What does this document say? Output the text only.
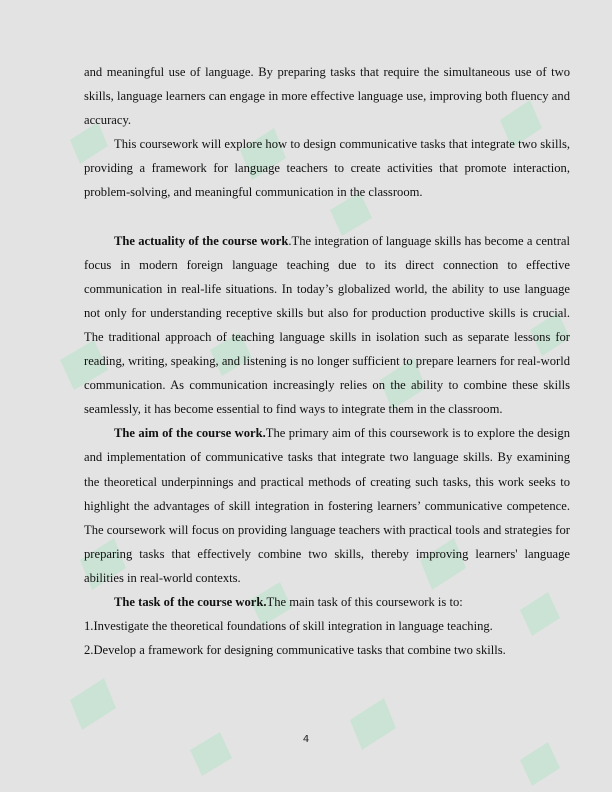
and meaningful use of language. By preparing tasks that require the simultaneous use of two skills, language learners can engage in more effective language use, improving both fluency and accuracy.

This coursework will explore how to design communicative tasks that integrate two skills, providing a framework for language teachers to create activities that promote interaction, problem-solving, and meaningful communication in the classroom.

The actuality of the course work.The integration of language skills has become a central focus in modern foreign language teaching due to its direct connection to effective communication in real-life situations. In today’s globalized world, the ability to use language not only for understanding receptive skills but also for production productive skills is crucial. The traditional approach of teaching language skills in isolation such as separate lessons for reading, writing, speaking, and listening is no longer sufficient to prepare learners for real-world communication. As communication increasingly relies on the ability to combine these skills seamlessly, it has become essential to find ways to integrate them in the classroom.

The aim of the course work.The primary aim of this coursework is to explore the design and implementation of communicative tasks that integrate two language skills. By examining the theoretical underpinnings and practical methods of creating such tasks, this work seeks to highlight the advantages of skill integration in fostering learners’ communicative competence. The coursework will focus on providing language teachers with practical tools and strategies for preparing tasks that effectively combine two skills, thereby improving learners' language abilities in real-world contexts.

The task of the course work.The main task of this coursework is to:

1.Investigate the theoretical foundations of skill integration in language teaching.

2.Develop a framework for designing communicative tasks that combine two skills.

4
